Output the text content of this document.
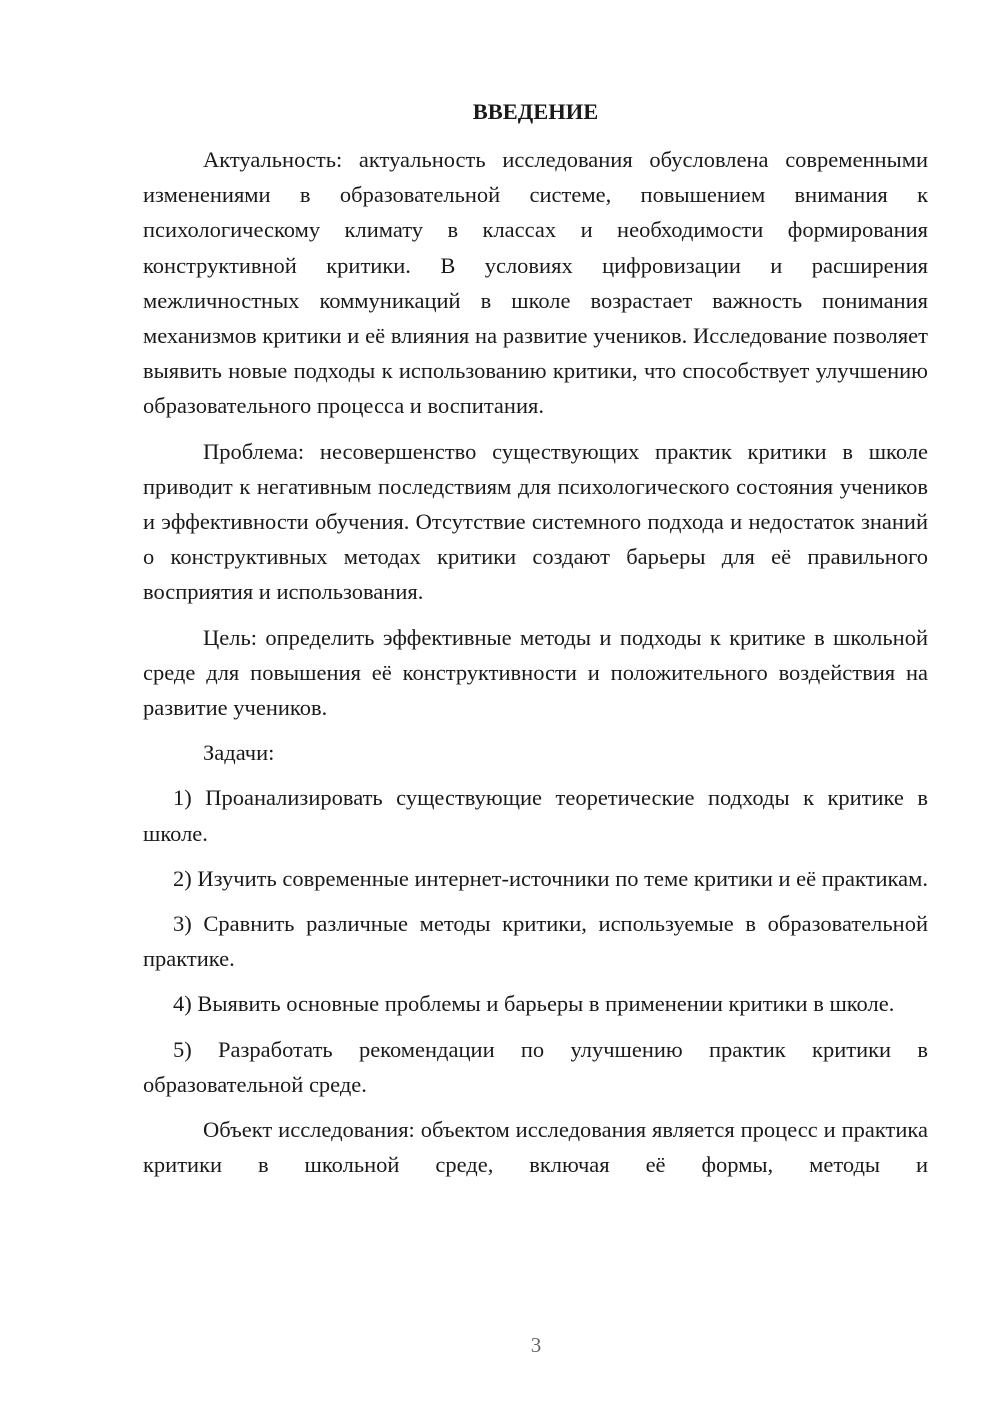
ВВЕДЕНИЕ

Актуальность: актуальность исследования обусловлена современными изменениями в образовательной системе, повышением внимания к психологическому климату в классах и необходимости формирования конструктивной критики. В условиях цифровизации и расширения межличностных коммуникаций в школе возрастает важность понимания механизмов критики и её влияния на развитие учеников. Исследование позволяет выявить новые подходы к использованию критики, что способствует улучшению образовательного процесса и воспитания.

Проблема: несовершенство существующих практик критики в школе приводит к негативным последствиям для психологического состояния учеников и эффективности обучения. Отсутствие системного подхода и недостаток знаний о конструктивных методах критики создают барьеры для её правильного восприятия и использования.

Цель: определить эффективные методы и подходы к критике в школьной среде для повышения её конструктивности и положительного воздействия на развитие учеников.

Задачи:

1) Проанализировать существующие теоретические подходы к критике в школе.

2) Изучить современные интернет-источники по теме критики и её практикам.

3) Сравнить различные методы критики, используемые в образовательной практике.

4) Выявить основные проблемы и барьеры в применении критики в школе.

5) Разработать рекомендации по улучшению практик критики в образовательной среде.

Объект исследования: объектом исследования является процесс и практика критики в школьной среде, включая её формы, методы и

3
